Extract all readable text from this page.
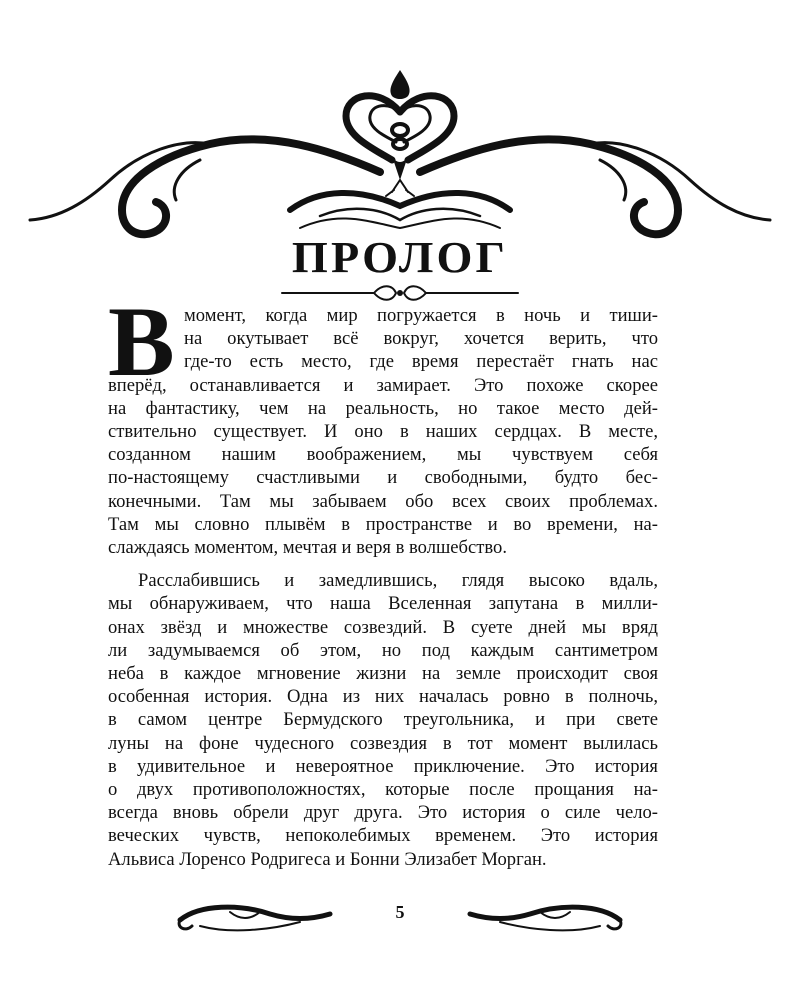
ПРОЛОГ
В момент, когда мир погружается в ночь и тиши-
на окутывает всё вокруг, хочется верить, что
где-то есть место, где время перестаёт гнать нас
вперёд, останавливается и замирает. Это похоже скорее
на фантастику, чем на реальность, но такое место дей-
ствительно существует. И оно в наших сердцах. В месте,
созданном нашим воображением, мы чувствуем себя
по-настоящему счастливыми и свободными, будто бес-
конечными. Там мы забываем обо всех своих проблемах.
Там мы словно плывём в пространстве и во времени, на-
слаждаясь моментом, мечтая и веря в волшебство.
Расслабившись и замедлившись, глядя высоко вдаль,
мы обнаруживаем, что наша Вселенная запутана в милли-
онах звёзд и множестве созвездий. В суете дней мы вряд
ли задумываемся об этом, но под каждым сантиметром
неба в каждое мгновение жизни на земле происходит своя
особенная история. Одна из них началась ровно в полночь,
в самом центре Бермудского треугольника, и при свете
луны на фоне чудесного созвездия в тот момент вылилась
в удивительное и невероятное приключение. Это история
о двух противоположностях, которые после прощания на-
всегда вновь обрели друг друга. Это история о силе чело-
веческих чувств, непоколебимых временем. Это история
Альвиса Лоренсо Родригеса и Бонни Элизабет Морган.
5
